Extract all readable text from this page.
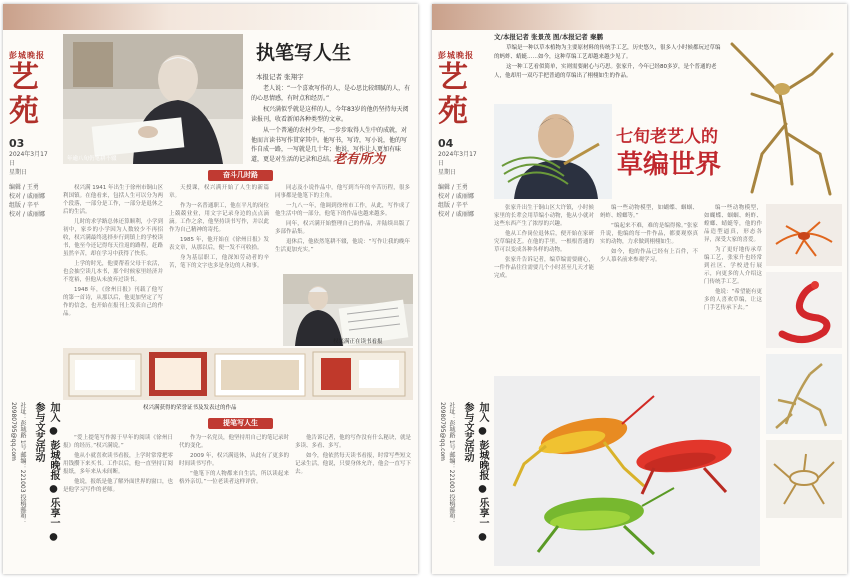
彭城晚报
艺
苑
03
2024年3月17日
星期日
编辑 / 王勇
校对 / 戚丽娜
组版 / 辛平
校对 / 戚丽娜
社址：彭城路 1号 邮编：221003 投稿邮箱：20980795@qq.com	加入 ● 彭城晚报 ● 乐享一 ● 参与文艺活动
年逾八旬仍笔耕不辍
执笔写人生
本报记者 张翔宇

老人说：“一个喜欢写作的人，是心思比较细腻的人，有的心思情感，有时点和经历。”

权兴满似乎就是这样的人，今年83岁的他仍坚持每天阅读报刊，收看新闻各种类型的文章。

从一个普通的农村少年，一步步取得人生中的成就，对他而言读书写作贯穿其中。他写书，写诗，写小说，他的写作自成一路，一写就是几十年；他说，写作让人更加有味道，更是对生活的记录和总结。

老有所为
奋斗几时路

权兴满 1941 年出生于徐州市铜山区利国镇。在他看来，包括人生可以分为两个段落，一部分是工作，一部分是退休之后的生活。

儿时的求学路总体还算顺利，小学到初中，家乡的小学因为人数较少不再招收，权兴满最终选择步行到镇上的学校读书，他至今还记得每天往返的路程，赶路虽然辛苦，却在学习中获得了快乐。

上学的时光，他要帮着父母干农活，也会抽空读几本书，那个时候家里经济并不宽裕，但他从未放弃过读书。

1948 年，《徐州日报》刊载了他写的第一首诗，从那以后，他更加坚定了写作的信念，也开始在报刊上发表自己的作品。

天授课，权兴满开始了人生的新篇章。

作为一名普通职工，他在平凡的岗位上兢兢业业，用文字记录身边的点点滴滴。工作之余，他坚持读书写作，并以此作为自己精神的寄托。

1985 年，他开始在《徐州日报》发表文章，从那以后，便一发不可收拾。

身为基层职工，他深知劳动者的辛苦，笔下的文字也多是身边的人和事。

同志及小说作品中，他写到当年的辛苦历程，很多同事都是他笔下的主角。

一九八一年，他调到徐州市工作，从此，写作成了他生活中的一部分，他笔下的作品也越来越多。

同年，权兴满开始整理自己的作品，并陆续出版了多部作品集。

退休后，他依然笔耕不辍，他说：“写作让我的晚年生活更加充实。”

权兴满正在读书看报
权兴满获得的荣誉证书及发表过的作品
提笔写人生

“爱上提笔写作源于早年的阅读《徐州日报》的经历。”权兴满说。”

他从小就喜欢读书看报，上学时常常把零用钱攒下来买书。工作以后，他一直坚持订阅报纸，多年来从未间断。

他说，报纸是他了解外面世界的窗口，也是他学习写作的老师。

作为一名党员，他坚持用自己的笔记录时代的变化。

2009 年，权兴满退休，从此有了更多的时间读书写作。

“他笔下的人物都来自生活，所以读起来格外亲切。”一位老读者这样评价。

他告诉记者，他的写作没有什么秘诀，就是多读、多看、多写。

如今，他依然每天读书看报，时常写些短文记录生活，他说，只要身体允许，他会一直写下去。

彭城晚报
艺
苑
04
2024年3月17日
星期日
编辑 / 王勇
校对 / 戚丽娜
组版 / 辛平
校对 / 戚丽娜
社址：彭城路 1号 邮编：221003 投稿邮箱：20980795@qq.com	加入 ● 彭城晚报 ● 乐享一 ● 参与文艺活动
文/本报记者 张景茂 图/本报记者 秦鹏

草编是一种以草本植物为主要原材料的传统手工艺，历史悠久，很多人小时候都玩过草编的蚂蚱、蜻蜓……如今，这种草编工艺却越来越少见了。

这一种工艺看似简单，实则需要耐心与巧思。张家升，今年已经80多岁，是个普通的老人，他却用一双巧手把普通的草编出了栩栩如生的作品。

七旬老艺人的
草编世界

张家升出生于铜山区大许镇，小时候家里的长辈会用草编小动物，他从小就对这些东西产生了浓厚的兴趣。

他从工作岗位退休后，便开始在家研究草编技艺。在他的手里，一根根普通的草可以变成各种各样的动物。

张家升告诉记者，编草编需要耐心，一件作品往往需要几个小时甚至几天才能完成。

编一些动物模型，如蝴蝶、蝈蝈、蚂蚱、螳螂等。”

“编起来不难，难的是编得像。”张家升说，他编的每一件作品，都要观察真实的动物，力求做到栩栩如生。

如今，他的作品已经有上百件，不少人慕名前来参观学习。

编一些动物模型，如蝴蝶、蝈蝈、蚂蚱、螳螂、蜻蜓等，他的作品造型逼真，形态各异，深受大家的喜爱。

为了更好地传承草编工艺，张家升也经常到社区、学校进行展示，向更多的人介绍这门传统手工艺。

他说：“希望能有更多的人喜欢草编，让这门手艺传承下去。”
